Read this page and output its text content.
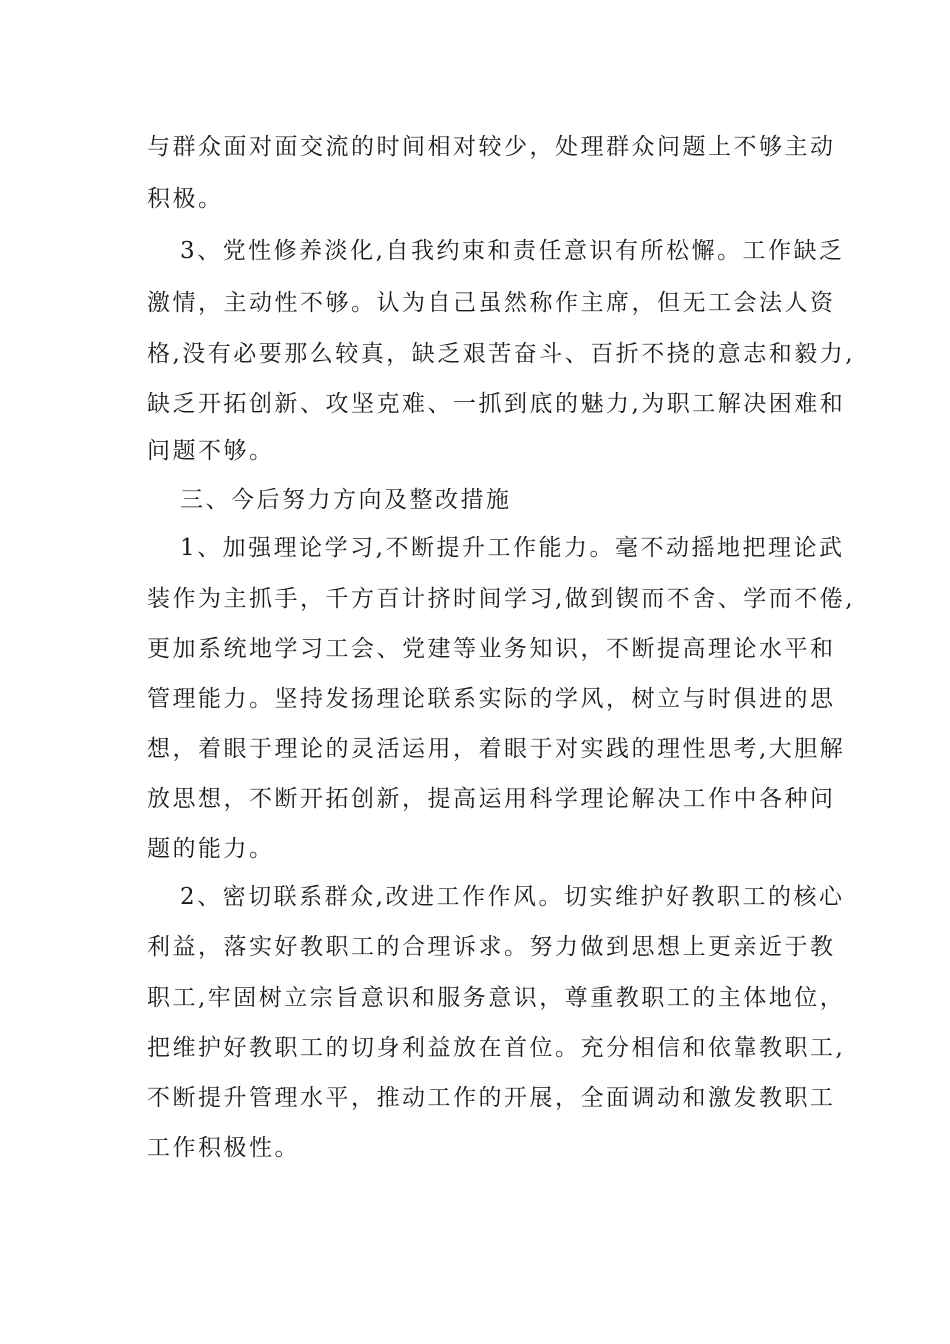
与群众面对面交流的时间相对较少，处理群众问题上不够主动
积极。
3、党性修养淡化,自我约束和责任意识有所松懈。工作缺乏
激情，主动性不够。认为自己虽然称作主席，但无工会法人资
格,没有必要那么较真，缺乏艰苦奋斗、百折不挠的意志和毅力,
缺乏开拓创新、攻坚克难、一抓到底的魅力,为职工解决困难和
问题不够。
三、今后努力方向及整改措施
1、加强理论学习,不断提升工作能力。毫不动摇地把理论武
装作为主抓手，千方百计挤时间学习,做到锲而不舍、学而不倦,
更加系统地学习工会、党建等业务知识，不断提高理论水平和
管理能力。坚持发扬理论联系实际的学风，树立与时俱进的思
想，着眼于理论的灵活运用，着眼于对实践的理性思考,大胆解
放思想，不断开拓创新，提高运用科学理论解决工作中各种问
题的能力。
2、密切联系群众,改进工作作风。切实维护好教职工的核心
利益，落实好教职工的合理诉求。努力做到思想上更亲近于教
职工,牢固树立宗旨意识和服务意识，尊重教职工的主体地位，
把维护好教职工的切身利益放在首位。充分相信和依靠教职工,
不断提升管理水平，推动工作的开展，全面调动和激发教职工
工作积极性。
